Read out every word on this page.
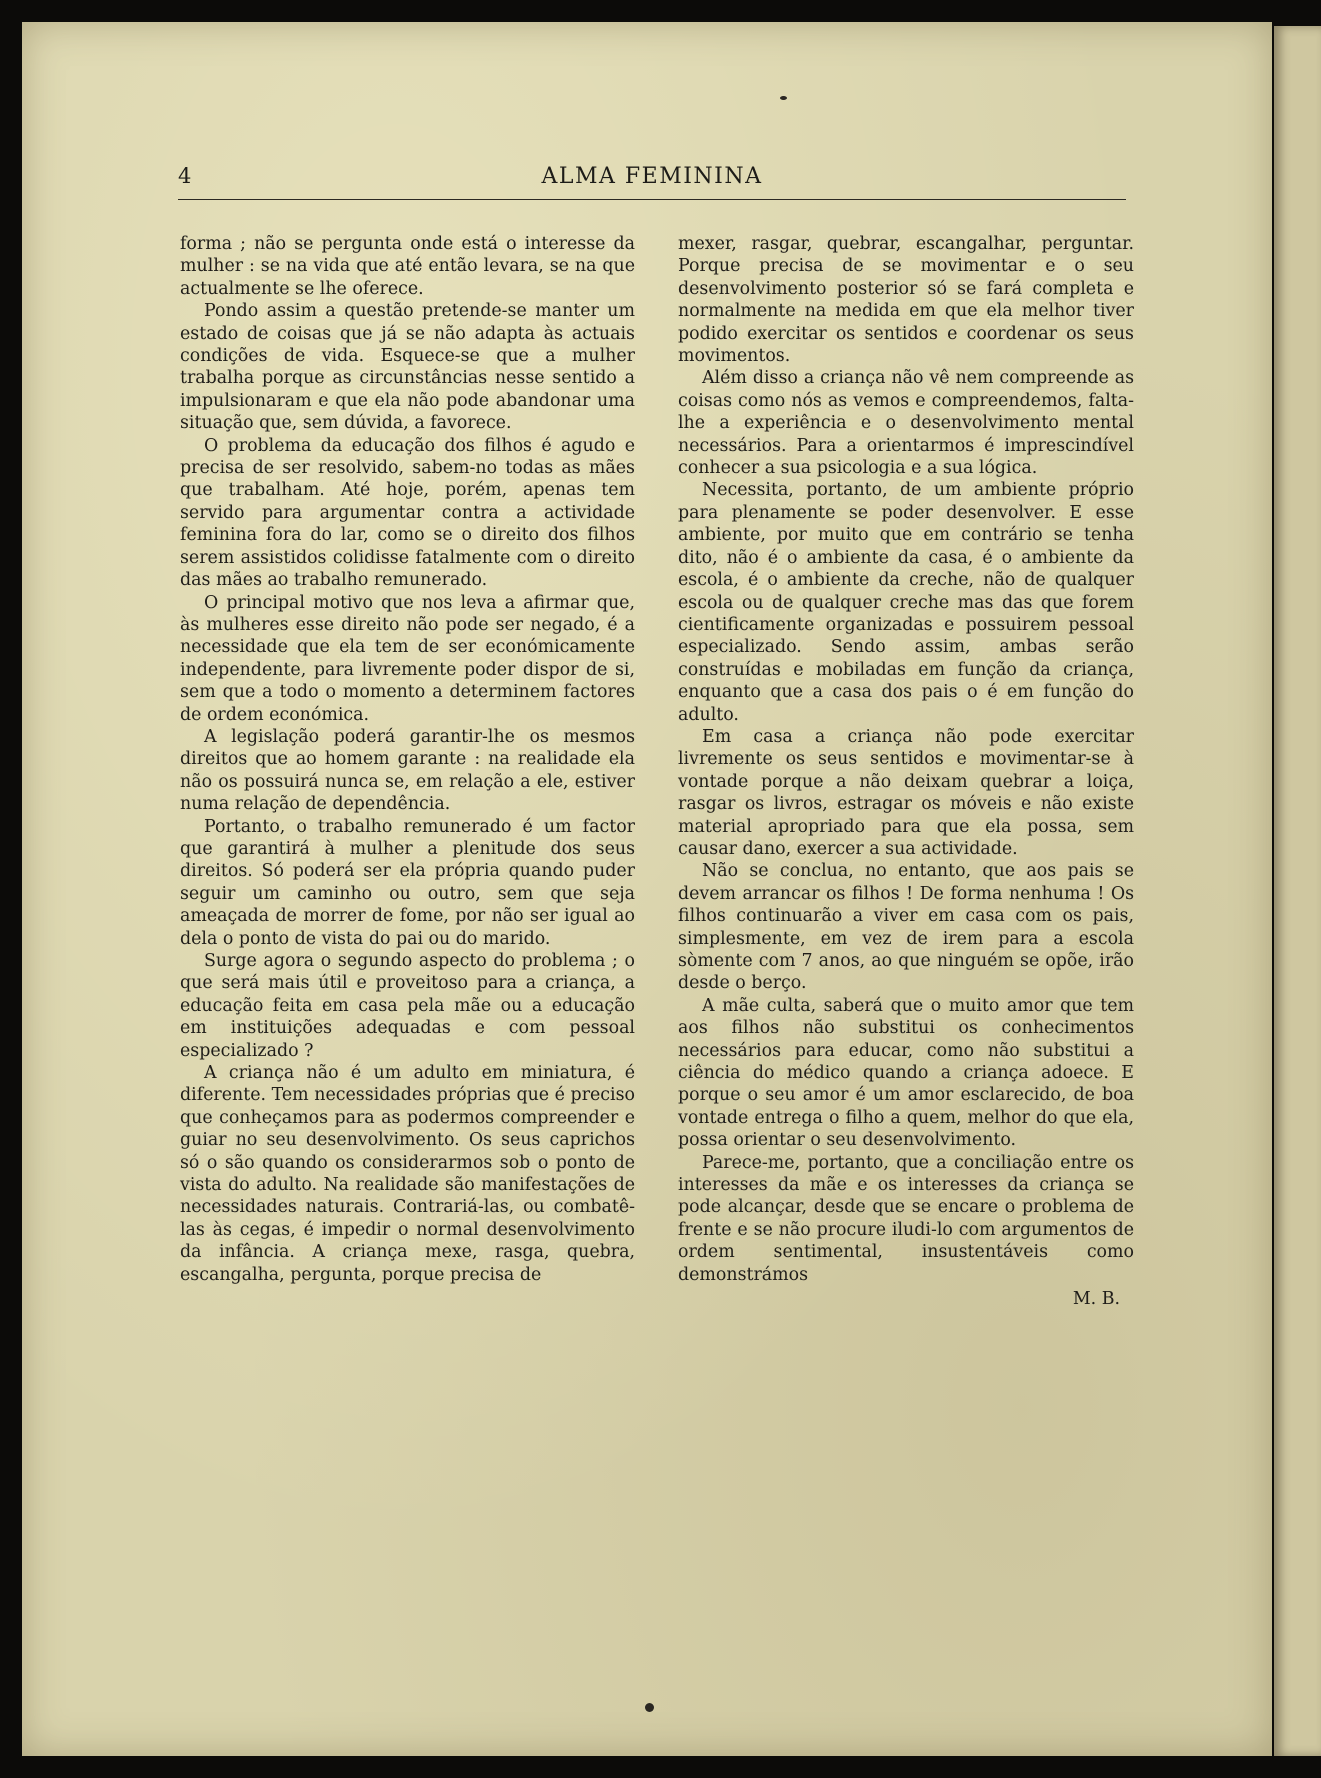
4	ALMA FEMININA

forma ; não se pergunta onde está o interesse da mulher : se na vida que até então levara, se na que actualmente se lhe oferece.

Pondo assim a questão pretende-se manter um estado de coisas que já se não adapta às actuais condições de vida. Esquece-se que a mulher trabalha porque as circunstâncias nesse sentido a impulsionaram e que ela não pode abandonar uma situação que, sem dúvida, a favorece.

O problema da educação dos filhos é agudo e precisa de ser resolvido, sabem-no todas as mães que trabalham. Até hoje, porém, apenas tem servido para argumentar contra a actividade feminina fora do lar, como se o direito dos filhos serem assistidos colidisse fatalmente com o direito das mães ao trabalho remunerado.

O principal motivo que nos leva a afirmar que, às mulheres esse direito não pode ser negado, é a necessidade que ela tem de ser económicamente independente, para livremente poder dispor de si, sem que a todo o momento a determinem factores de ordem económica.

A legislação poderá garantir-lhe os mesmos direitos que ao homem garante : na realidade ela não os possuirá nunca se, em relação a ele, estiver numa relação de dependência.

Portanto, o trabalho remunerado é um factor que garantirá à mulher a plenitude dos seus direitos. Só poderá ser ela própria quando puder seguir um caminho ou outro, sem que seja ameaçada de morrer de fome, por não ser igual ao dela o ponto de vista do pai ou do marido.

Surge agora o segundo aspecto do problema ; o que será mais útil e proveitoso para a criança, a educação feita em casa pela mãe ou a educação em instituições adequadas e com pessoal especializado ?

A criança não é um adulto em miniatura, é diferente. Tem necessidades próprias que é preciso que conheçamos para as podermos compreender e guiar no seu desenvolvimento. Os seus caprichos só o são quando os considerarmos sob o ponto de vista do adulto. Na realidade são manifestações de necessidades naturais. Contrariá-las, ou combatê-las às cegas, é impedir o normal desenvolvimento da infância. A criança mexe, rasga, quebra, escangalha, pergunta, porque precisa de

mexer, rasgar, quebrar, escangalhar, perguntar. Porque precisa de se movimentar e o seu desenvolvimento posterior só se fará completa e normalmente na medida em que ela melhor tiver podido exercitar os sentidos e coordenar os seus movimentos.

Além disso a criança não vê nem compreende as coisas como nós as vemos e compreendemos, falta-lhe a experiência e o desenvolvimento mental necessários. Para a orientarmos é imprescindível conhecer a sua psicologia e a sua lógica.

Necessita, portanto, de um ambiente próprio para plenamente se poder desenvolver. E esse ambiente, por muito que em contrário se tenha dito, não é o ambiente da casa, é o ambiente da escola, é o ambiente da creche, não de qualquer escola ou de qualquer creche mas das que forem cientificamente organizadas e possuirem pessoal especializado. Sendo assim, ambas serão construídas e mobiladas em função da criança, enquanto que a casa dos pais o é em função do adulto.

Em casa a criança não pode exercitar livremente os seus sentidos e movimentar-se à vontade porque a não deixam quebrar a loiça, rasgar os livros, estragar os móveis e não existe material apropriado para que ela possa, sem causar dano, exercer a sua actividade.

Não se conclua, no entanto, que aos pais se devem arrancar os filhos ! De forma nenhuma ! Os filhos continuarão a viver em casa com os pais, simplesmente, em vez de irem para a escola sòmente com 7 anos, ao que ninguém se opõe, irão desde o berço.

A mãe culta, saberá que o muito amor que tem aos filhos não substitui os conhecimentos necessários para educar, como não substitui a ciência do médico quando a criança adoece. E porque o seu amor é um amor esclarecido, de boa vontade entrega o filho a quem, melhor do que ela, possa orientar o seu desenvolvimento.

Parece-me, portanto, que a conciliação entre os interesses da mãe e os interesses da criança se pode alcançar, desde que se encare o problema de frente e se não procure iludi-lo com argumentos de ordem sentimental, insustentáveis como demonstrámos

M. B.
